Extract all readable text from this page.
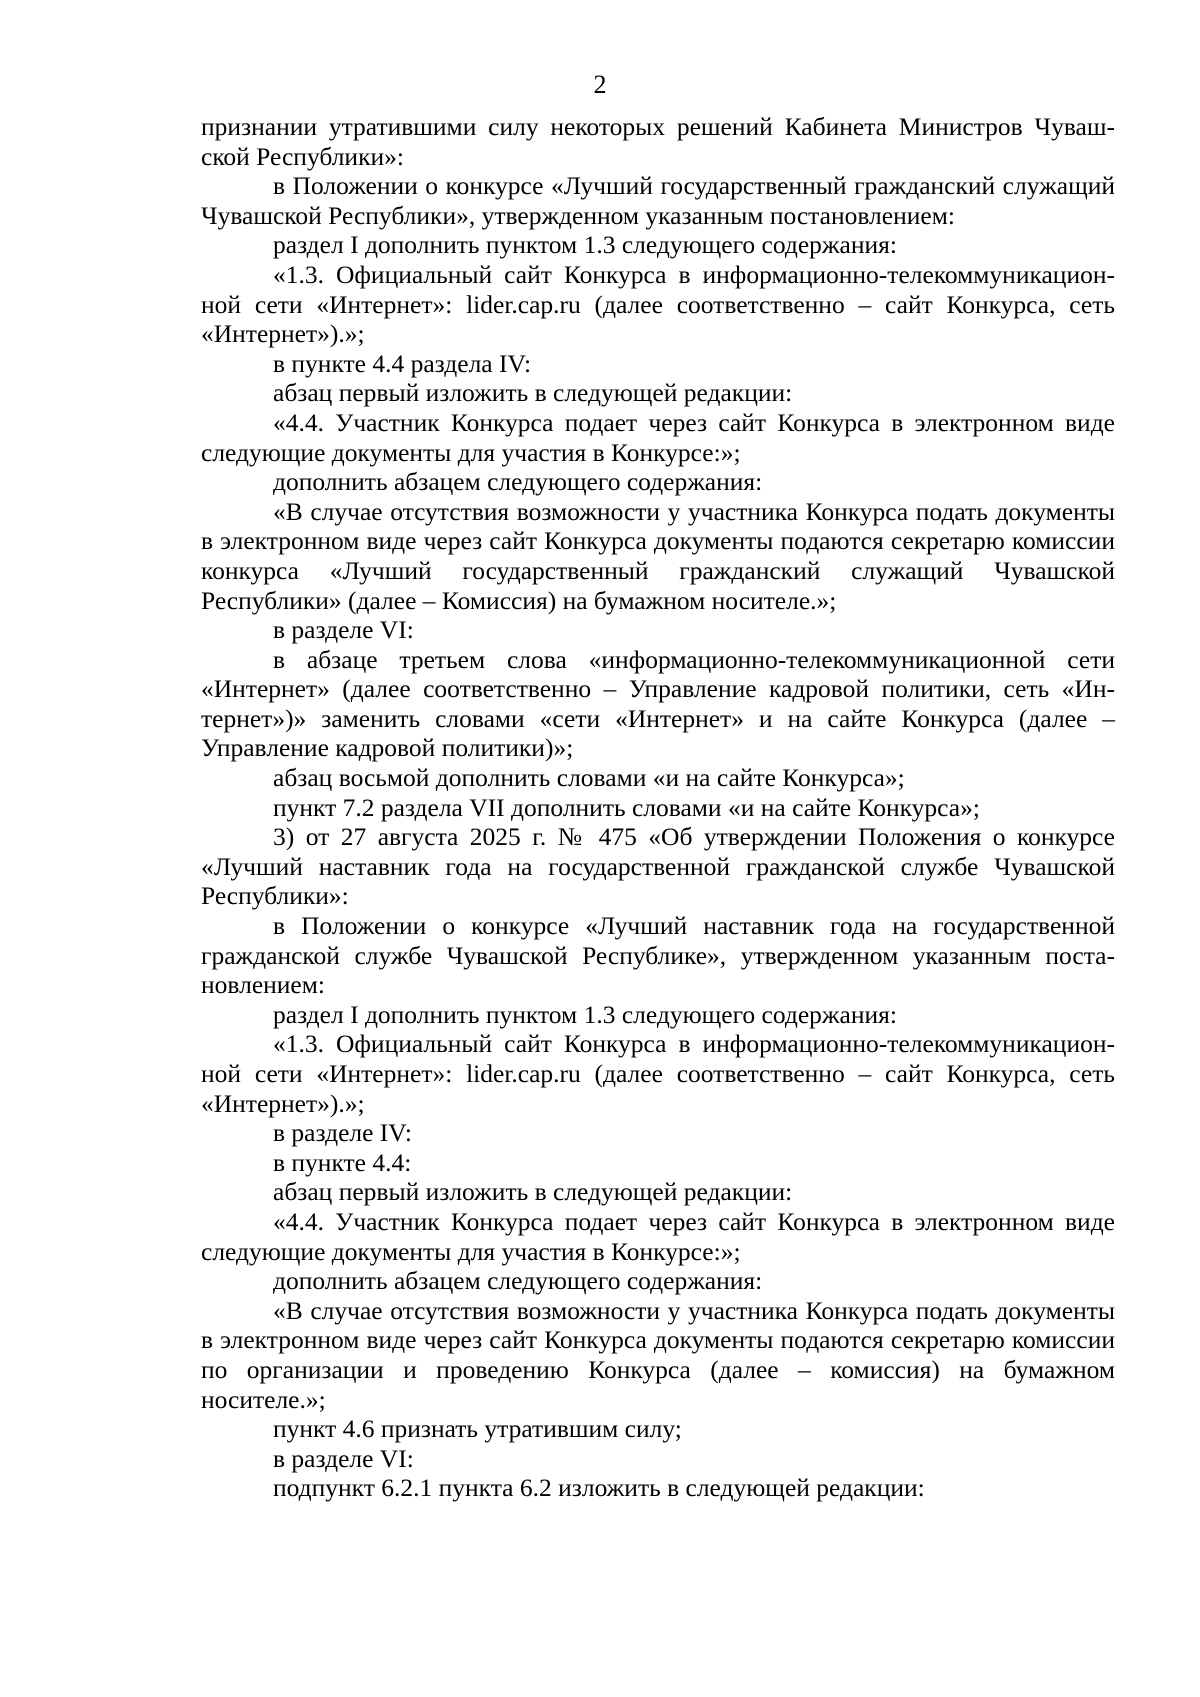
2

признании утратившими силу некоторых решений Кабинета Министров Чувашской Республики»:

в Положении о конкурсе «Лучший государственный гражданский служащий Чувашской Республики», утвержденном указанным постановлением:

раздел I дополнить пунктом 1.3 следующего содержания:

«1.3. Официальный сайт Конкурса в информационно-телекоммуникационной сети «Интернет»: lider.cap.ru (далее соответственно – сайт Конкурса, сеть «Интернет»).»;

в пункте 4.4 раздела IV:

абзац первый изложить в следующей редакции:

«4.4. Участник Конкурса подает через сайт Конкурса в электронном виде следующие документы для участия в Конкурсе:»;

дополнить абзацем следующего содержания:

«В случае отсутствия возможности у участника Конкурса подать документы в электронном виде через сайт Конкурса документы подаются секретарю комиссии конкурса «Лучший государственный гражданский служащий Чувашской Республики» (далее – Комиссия) на бумажном носителе.»;

в разделе VI:

в абзаце третьем слова «информационно-телекоммуникационной сети «Интернет» (далее соответственно – Управление кадровой политики, сеть «Интернет»)» заменить словами «сети «Интернет» и на сайте Конкурса (далее – Управление кадровой политики)»;

абзац восьмой дополнить словами «и на сайте Конкурса»;

пункт 7.2 раздела VII дополнить словами «и на сайте Конкурса»;

3) от 27 августа 2025 г. № 475 «Об утверждении Положения о конкурсе «Лучший наставник года на государственной гражданской службе Чувашской Республики»:

в Положении о конкурсе «Лучший наставник года на государственной гражданской службе Чувашской Республике», утвержденном указанным постановлением:

раздел I дополнить пунктом 1.3 следующего содержания:

«1.3. Официальный сайт Конкурса в информационно-телекоммуникационной сети «Интернет»: lider.cap.ru (далее соответственно – сайт Конкурса, сеть «Интернет»).»;

в разделе IV:

в пункте 4.4:

абзац первый изложить в следующей редакции:

«4.4. Участник Конкурса подает через сайт Конкурса в электронном виде следующие документы для участия в Конкурсе:»;

дополнить абзацем следующего содержания:

«В случае отсутствия возможности у участника Конкурса подать документы в электронном виде через сайт Конкурса документы подаются секретарю комиссии по организации и проведению Конкурса (далее – комиссия) на бумажном носителе.»;

пункт 4.6 признать утратившим силу;

в разделе VI:

подпункт 6.2.1 пункта 6.2 изложить в следующей редакции:
